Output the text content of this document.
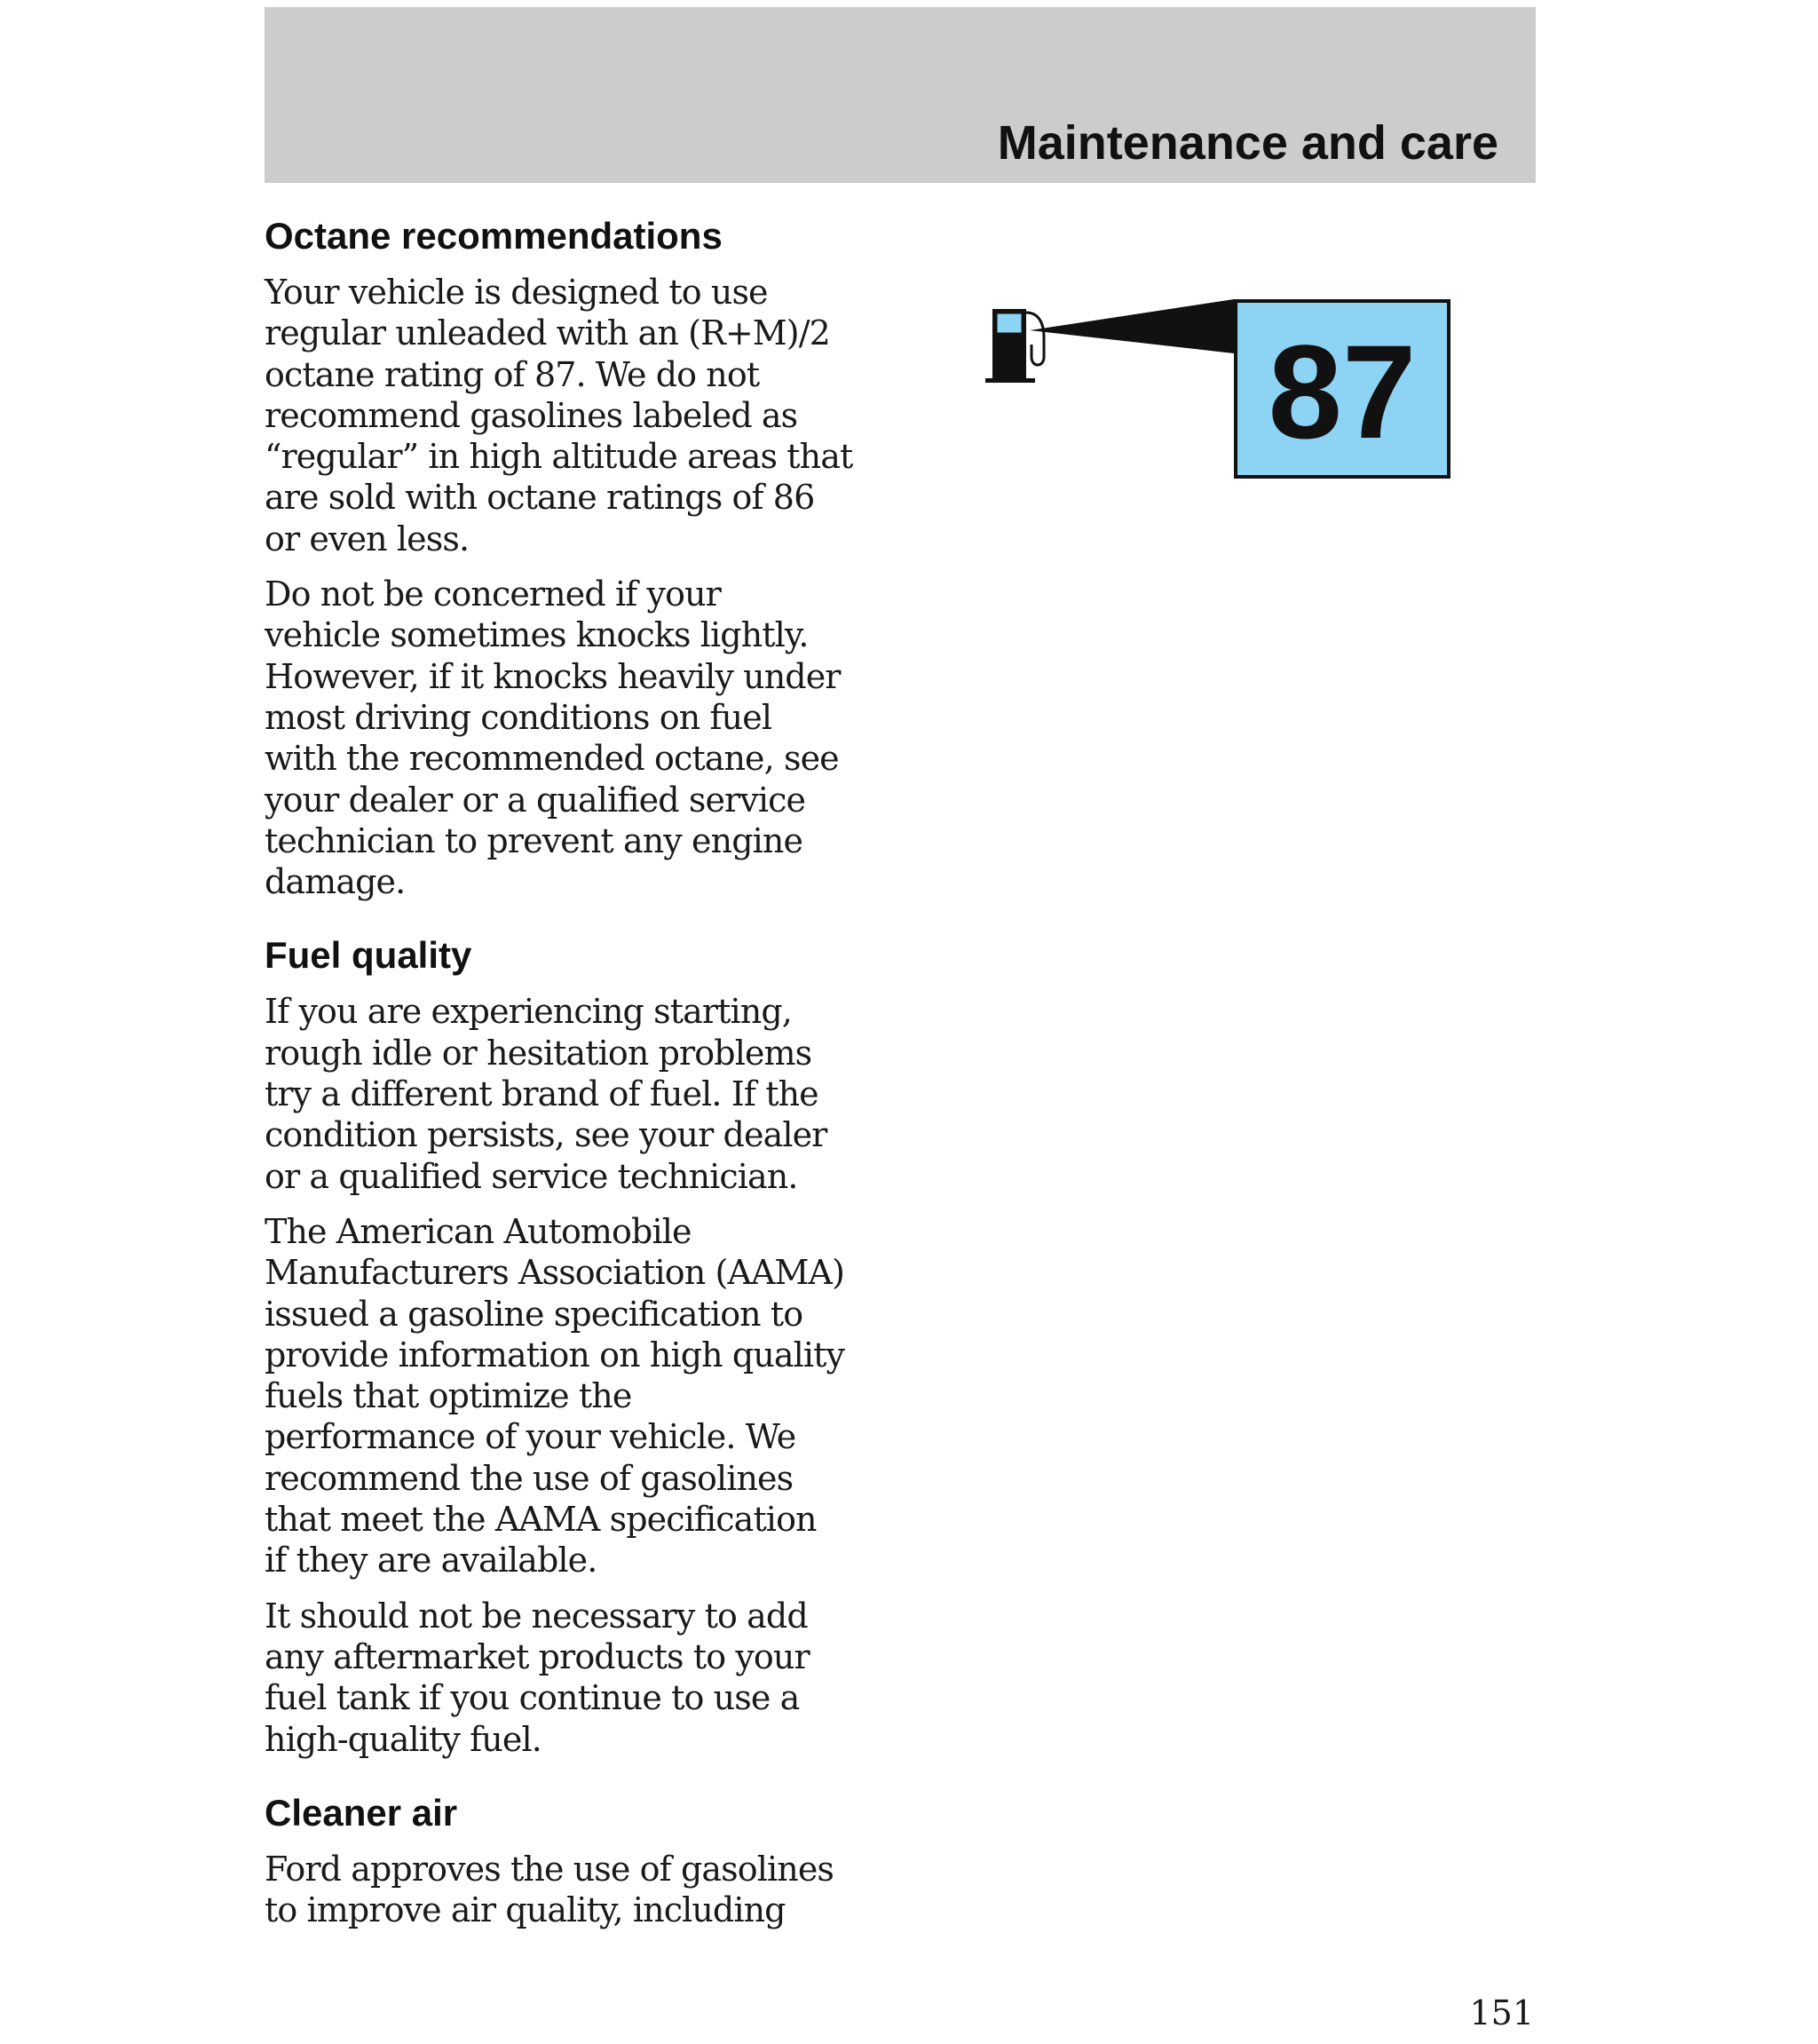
Maintenance and care
Octane recommendations

Your vehicle is designed to use
regular unleaded with an (R+M)/2
octane rating of 87. We do not
recommend gasolines labeled as
“regular” in high altitude areas that
are sold with octane ratings of 86
or even less.

Do not be concerned if your
vehicle sometimes knocks lightly.
However, if it knocks heavily under
most driving conditions on fuel
with the recommended octane, see
your dealer or a qualified service
technician to prevent any engine
damage.

Fuel quality

If you are experiencing starting,
rough idle or hesitation problems
try a different brand of fuel. If the
condition persists, see your dealer
or a qualified service technician.

The American Automobile
Manufacturers Association (AAMA)
issued a gasoline specification to
provide information on high quality
fuels that optimize the
performance of your vehicle. We
recommend the use of gasolines
that meet the AAMA specification
if they are available.

It should not be necessary to add
any aftermarket products to your
fuel tank if you continue to use a
high-quality fuel.

Cleaner air

Ford approves the use of gasolines
to improve air quality, including

87
151
